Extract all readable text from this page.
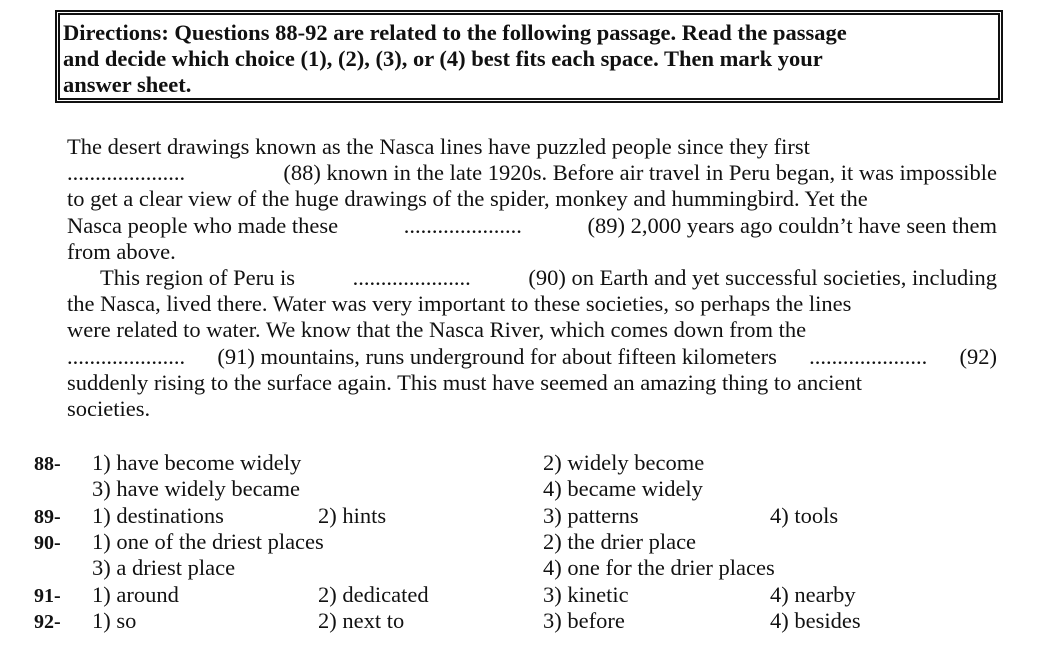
Directions: Questions 88-92 are related to the following passage. Read the passage
and decide which choice (1), (2), (3), or (4) best fits each space. Then mark your
answer sheet.
The desert drawings known as the Nasca lines have puzzled people since they first
.....................	(88) known in the late 1920s. Before air travel in Peru began, it was impossible
to get a clear view of the huge drawings of the spider, monkey and hummingbird. Yet the
Nasca people who made these	.....................	(89) 2,000 years ago couldn’t have seen them
from above.
This region of Peru is	.....................	(90) on Earth and yet successful societies, including
the Nasca, lived there. Water was very important to these societies, so perhaps the lines
were related to water. We know that the Nasca River, which comes down from the
..................... (91) mountains, runs underground for about fifteen kilometers ..................... (92)
suddenly rising to the surface again. This must have seemed an amazing thing to ancient
societies.
88- 1) have become widely	2) widely become
3) have widely became	4) became widely
89- 1) destinations	2) hints	3) patterns	4) tools
90- 1) one of the driest places	2) the drier place
3) a driest place	4) one for the drier places
91- 1) around	2) dedicated	3) kinetic	4) nearby
92- 1) so	2) next to	3) before	4) besides
